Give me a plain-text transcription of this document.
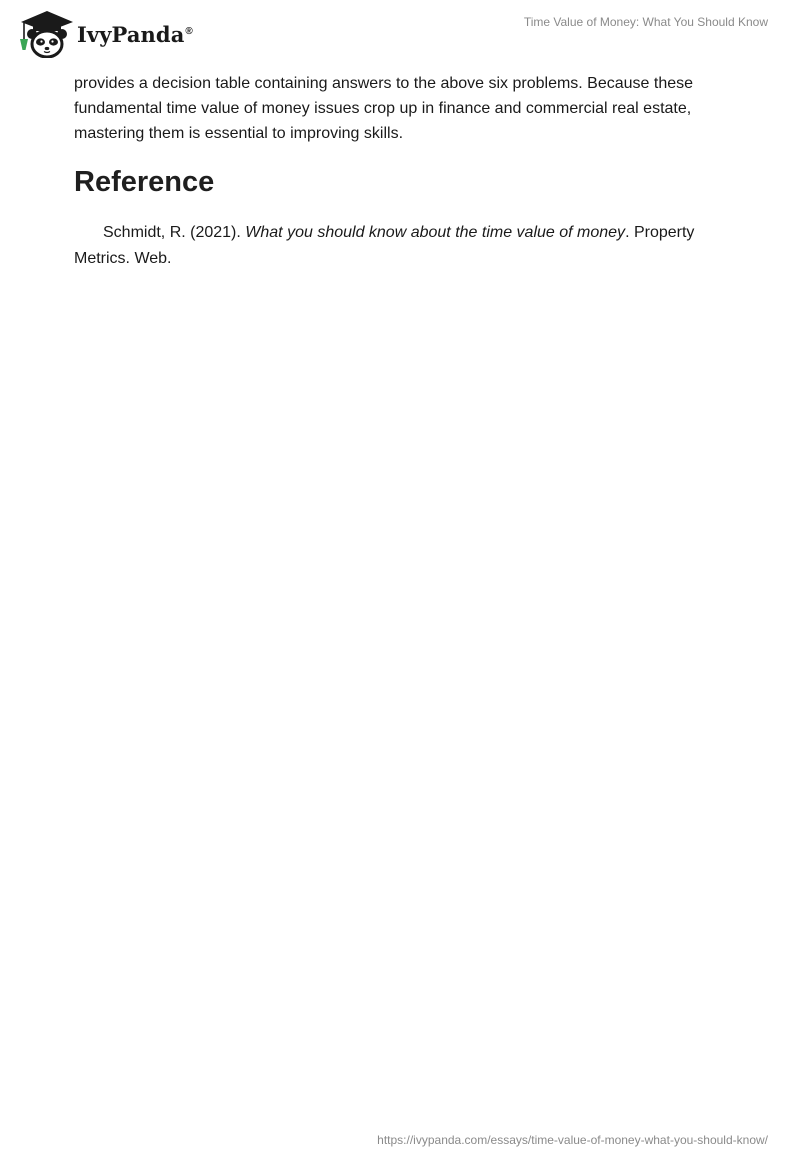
IvyPanda®
Time Value of Money: What You Should Know

provides a decision table containing answers to the above six problems. Because these fundamental time value of money issues crop up in finance and commercial real estate, mastering them is essential to improving skills.

Reference

Schmidt, R. (2021). What you should know about the time value of money. Property Metrics. Web.

https://ivypanda.com/essays/time-value-of-money-what-you-should-know/
